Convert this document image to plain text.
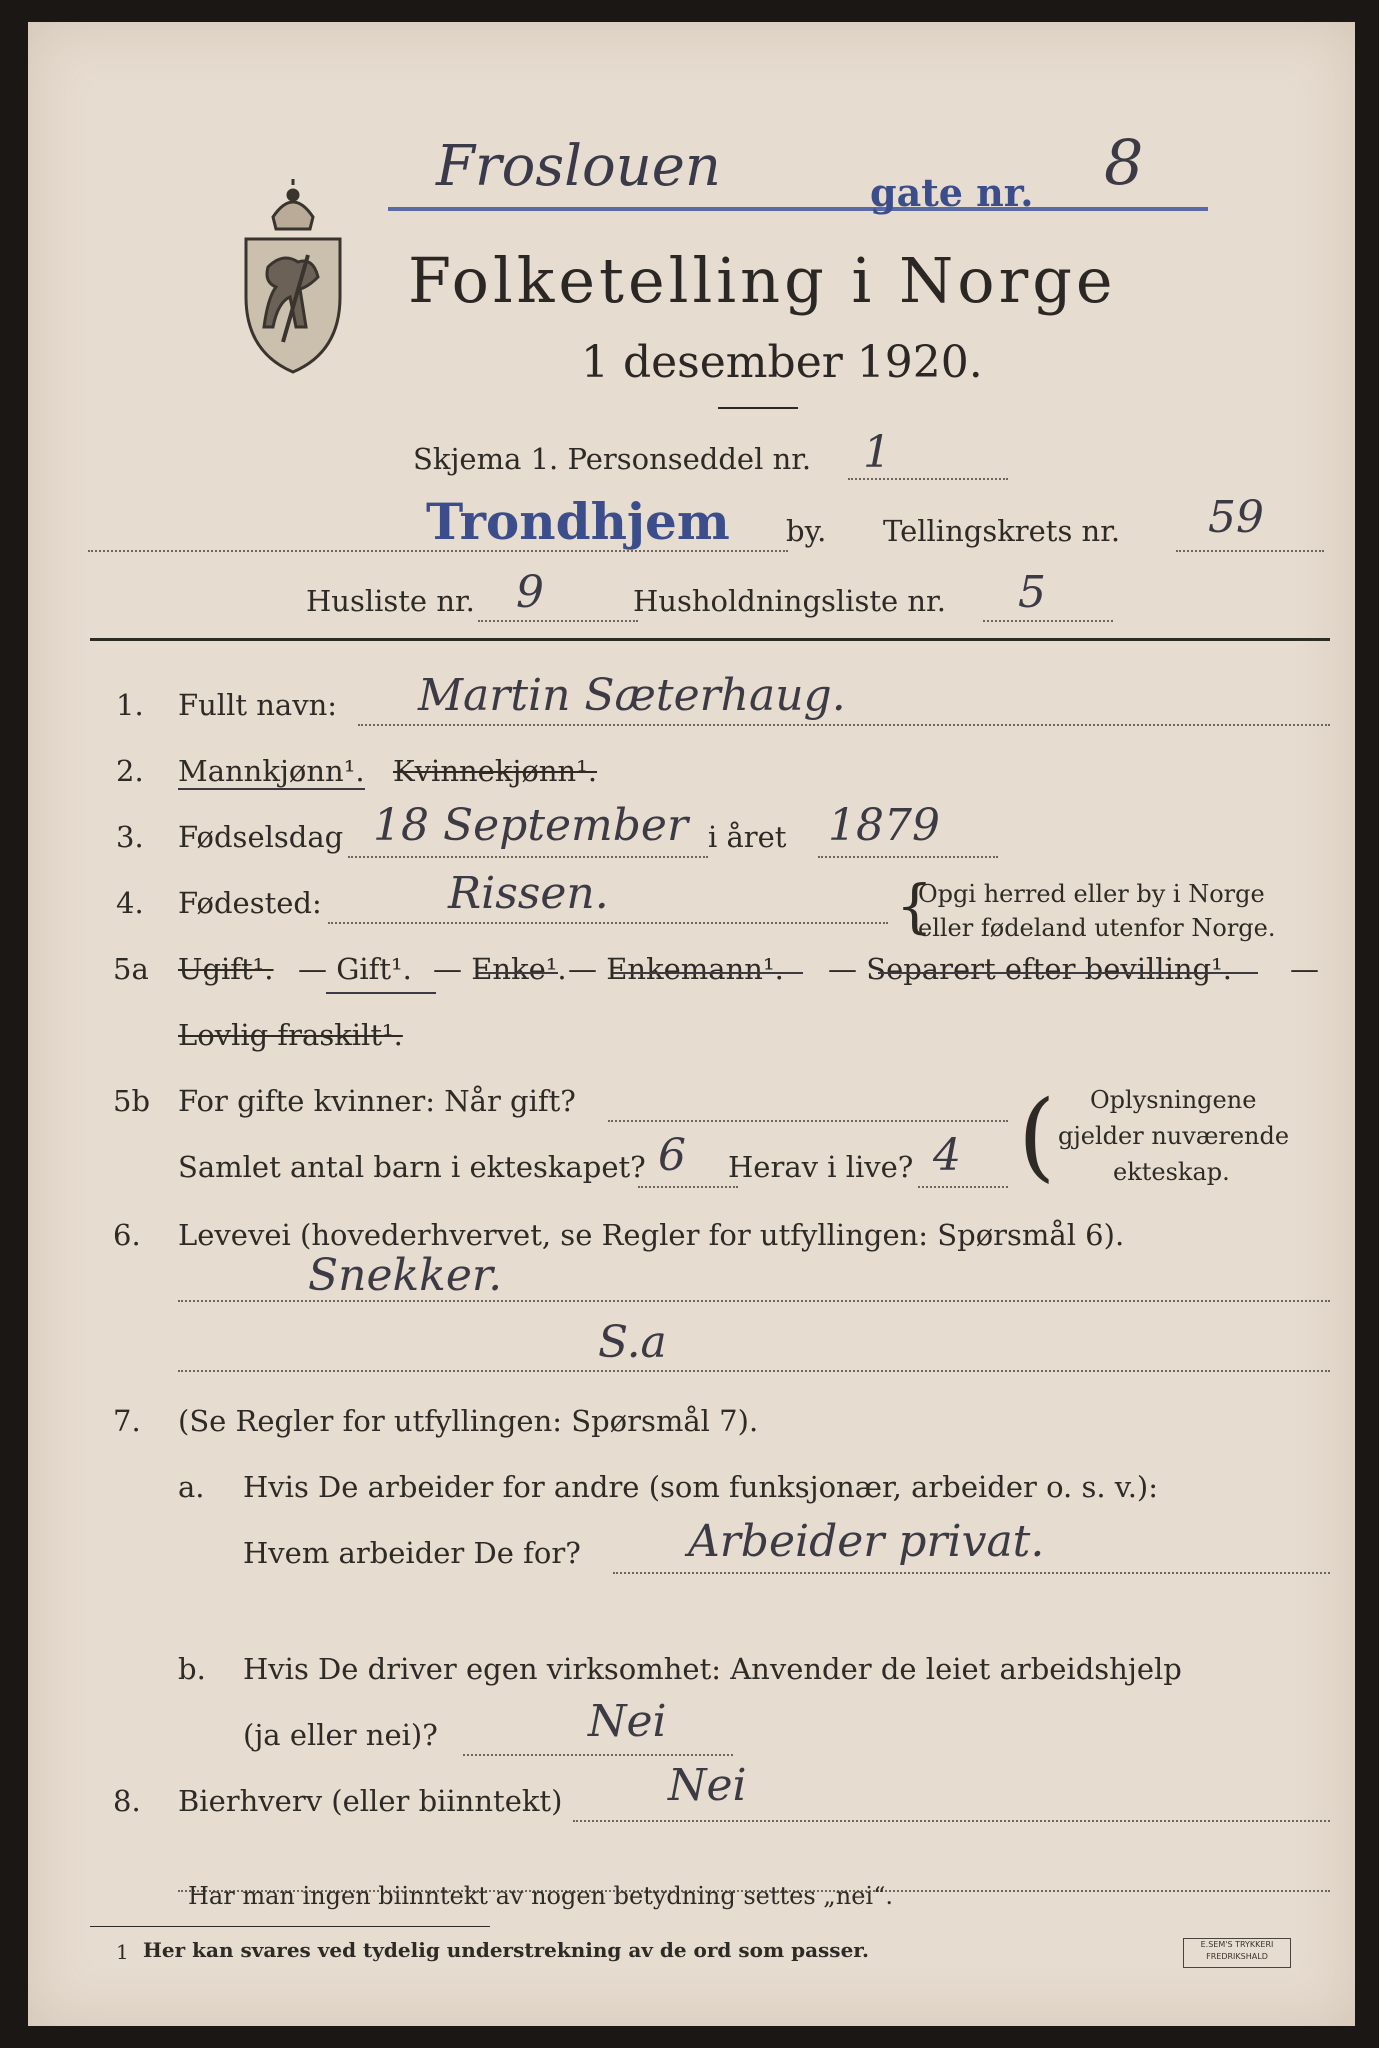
Froslouen	gate nr. 8
Folketelling i Norge
1 desember 1920.
Skjema 1. Personseddel nr. 1
Trondhjem by. Tellingskrets nr. 59
Husliste nr. 9	Husholdningsliste nr. 5
1. Fullt navn: Martin Sæterhaug.
2. Mannkjønn¹. Kvinnekjønn¹.
3. Fødselsdag 18 September i året 1879
4. Fødested:	Rissen.	{
Opgi herred eller by i Norge
eller fødeland utenfor Norge.
5a Ugift¹. — Gift¹. — Enke¹. — Enkemann¹. — Separert efter bevilling¹. —
Lovlig fraskilt¹.
5b For gifte kvinner: Når gift?
Samlet antal barn i ekteskapet? 6 Herav i live? 4 ( Oplysningene
gjelder nuværende
ekteskap.
6. Levevei (hovederhvervet, se Regler for utfyllingen: Spørsmål 6).
Snekker.
S.a
7. (Se Regler for utfyllingen: Spørsmål 7).
a. Hvis De arbeider for andre (som funksjonær, arbeider o. s. v.):
Hvem arbeider De for? Arbeider privat.
b. Hvis De driver egen virksomhet: Anvender de leiet arbeidshjelp
(ja eller nei)?	Nei
8. Bierhverv (eller biinntekt) Nei
Har man ingen biinntekt av nogen betydning settes „nei“.
1 Her kan svares ved tydelig understrekning av de ord som passer.	E.SEM'S TRYKKERI
FREDRIKSHALD
